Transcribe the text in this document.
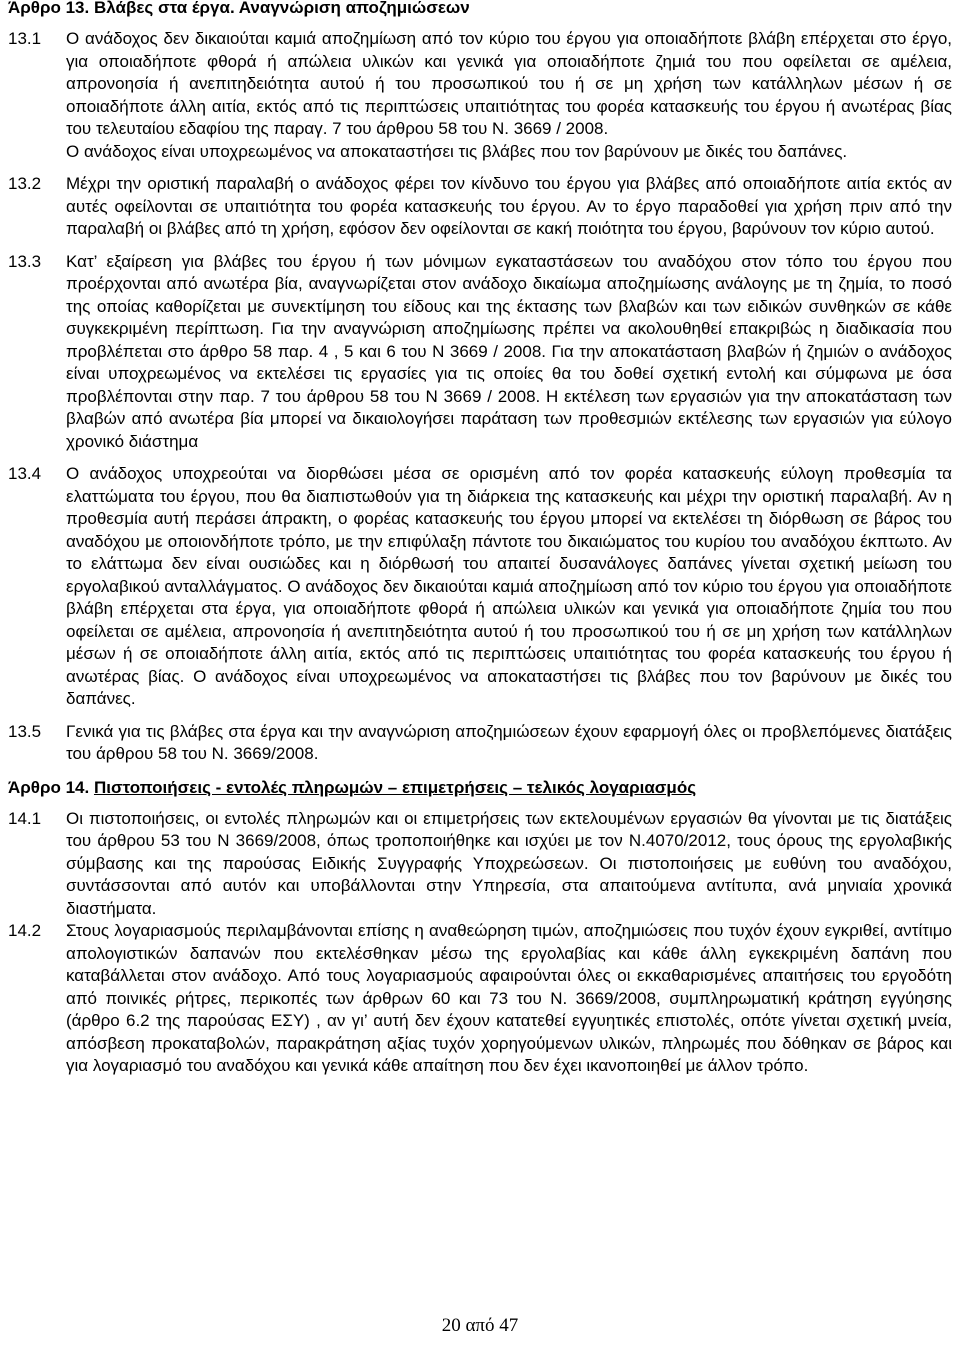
Άρθρο 13. Βλάβες στα έργα. Αναγνώριση αποζημιώσεων
13.1	Ο ανάδοχος δεν δικαιούται καμιά αποζημίωση από τον κύριο του έργου για οποιαδήποτε βλάβη επέρχεται στο έργο, για οποιαδήποτε φθορά ή απώλεια υλικών και γενικά για οποιαδήποτε ζημιά του που οφείλεται σε αμέλεια, απρονοησία ή ανεπιτηδειότητα αυτού ή του προσωπικού του ή σε μη χρήση των κατάλληλων μέσων ή σε οποιαδήποτε άλλη αιτία, εκτός από τις περιπτώσεις υπαιτιότητας του φορέα κατασκευής του έργου ή ανωτέρας βίας του τελευταίου εδαφίου της παραγ. 7 του άρθρου 58 του Ν. 3669 / 2008.

Ο ανάδοχος είναι υποχρεωμένος να αποκαταστήσει τις βλάβες που τον βαρύνουν με δικές του δαπάνες.

13.2	Μέχρι την οριστική παραλαβή ο ανάδοχος φέρει τον κίνδυνο του έργου για βλάβες από οποιαδήποτε αιτία εκτός αν αυτές οφείλονται σε υπαιτιότητα του φορέα κατασκευής του έργου. Αν το έργο παραδοθεί για χρήση πριν από την παραλαβή οι βλάβες από τη χρήση, εφόσον δεν οφείλονται σε κακή ποιότητα του έργου, βαρύνουν τον κύριο αυτού.

13.3	Κατ’ εξαίρεση για βλάβες του έργου ή των μόνιμων εγκαταστάσεων του αναδόχου στον τόπο του έργου που προέρχονται από ανωτέρα βία, αναγνωρίζεται στον ανάδοχο δικαίωμα αποζημίωσης ανάλογης με τη ζημία, το ποσό της οποίας καθορίζεται με συνεκτίμηση του είδους και της έκτασης των βλαβών και των ειδικών συνθηκών σε κάθε συγκεκριμένη περίπτωση. Για την αναγνώριση αποζημίωσης πρέπει να ακολουθηθεί επακριβώς η διαδικασία που προβλέπεται στο άρθρο 58 παρ. 4 , 5 και 6 του Ν 3669 / 2008. Για την αποκατάσταση βλαβών ή ζημιών ο ανάδοχος είναι υποχρεωμένος να εκτελέσει τις εργασίες για τις οποίες θα του δοθεί σχετική εντολή και σύμφωνα με όσα προβλέπονται στην παρ. 7 του άρθρου 58 του Ν 3669 / 2008. Η εκτέλεση των εργασιών για την αποκατάσταση των βλαβών από ανωτέρα βία μπορεί να δικαιολογήσει παράταση των προθεσμιών εκτέλεσης των εργασιών για εύλογο χρονικό διάστημα

13.4	Ο ανάδοχος υποχρεούται να διορθώσει μέσα σε ορισμένη από τον φορέα κατασκευής εύλογη προθεσμία τα ελαττώματα του έργου, που θα διαπιστωθούν για τη διάρκεια της κατασκευής και μέχρι την οριστική παραλαβή. Αν η προθεσμία αυτή περάσει άπρακτη, ο φορέας κατασκευής του έργου μπορεί να εκτελέσει τη διόρθωση σε βάρος του αναδόχου με οποιονδήποτε τρόπο, με την επιφύλαξη πάντοτε του δικαιώματος του κυρίου του αναδόχου έκπτωτο. Αν το ελάττωμα δεν είναι ουσιώδες και η διόρθωσή του απαιτεί δυσανάλογες δαπάνες γίνεται σχετική μείωση του εργολαβικού ανταλλάγματος. Ο ανάδοχος δεν δικαιούται καμιά αποζημίωση από τον κύριο του έργου για οποιαδήποτε βλάβη επέρχεται στα έργα, για οποιαδήποτε φθορά ή απώλεια υλικών και γενικά για οποιαδήποτε ζημία του που οφείλεται σε αμέλεια, απρονοησία ή ανεπιτηδειότητα αυτού ή του προσωπικού του ή σε μη χρήση των κατάλληλων μέσων ή σε οποιαδήποτε άλλη αιτία, εκτός από τις περιπτώσεις υπαιτιότητας του φορέα κατασκευής του έργου ή ανωτέρας βίας. Ο ανάδοχος είναι υποχρεωμένος να αποκαταστήσει τις βλάβες που τον βαρύνουν με δικές του δαπάνες.

13.5	Γενικά για τις βλάβες στα έργα και την αναγνώριση αποζημιώσεων έχουν εφαρμογή όλες οι προβλεπόμενες διατάξεις του άρθρου 58 του Ν. 3669/2008.

Άρθρο 14. Πιστοποιήσεις - εντολές πληρωμών – επιμετρήσεις – τελικός λογαριασμός
14.1	Οι πιστοποιήσεις, οι εντολές πληρωμών και οι επιμετρήσεις των εκτελουμένων εργασιών θα γίνονται με τις διατάξεις του άρθρου 53 του Ν 3669/2008, όπως τροποποιήθηκε και ισχύει με τον Ν.4070/2012, τους όρους της εργολαβικής σύμβασης και της παρούσας Ειδικής Συγγραφής Υποχρεώσεων. Οι πιστοποιήσεις με ευθύνη του αναδόχου, συντάσσονται από αυτόν και υποβάλλονται στην Υπηρεσία, στα απαιτούμενα αντίτυπα, ανά μηνιαία χρονικά διαστήματα.

14.2	Στους λογαριασμούς περιλαμβάνονται επίσης η αναθεώρηση τιμών, αποζημιώσεις που τυχόν έχουν εγκριθεί, αντίτιμο απολογιστικών δαπανών που εκτελέσθηκαν μέσω της εργολαβίας και κάθε άλλη εγκεκριμένη δαπάνη που καταβάλλεται στον ανάδοχο. Από τους λογαριασμούς αφαιρούνται όλες οι εκκαθαρισμένες απαιτήσεις του εργοδότη από ποινικές ρήτρες, περικοπές των άρθρων 60 και 73 του Ν. 3669/2008, συμπληρωματική κράτηση εγγύησης (άρθρο 6.2 της παρούσας ΕΣΥ) , αν γι’ αυτή δεν έχουν κατατεθεί εγγυητικές επιστολές, οπότε γίνεται σχετική μνεία, απόσβεση προκαταβολών, παρακράτηση αξίας τυχόν χορηγούμενων υλικών, πληρωμές που δόθηκαν σε βάρος και για λογαριασμό του αναδόχου και γενικά κάθε απαίτηση που δεν έχει ικανοποιηθεί με άλλον τρόπο.

20 από 47
